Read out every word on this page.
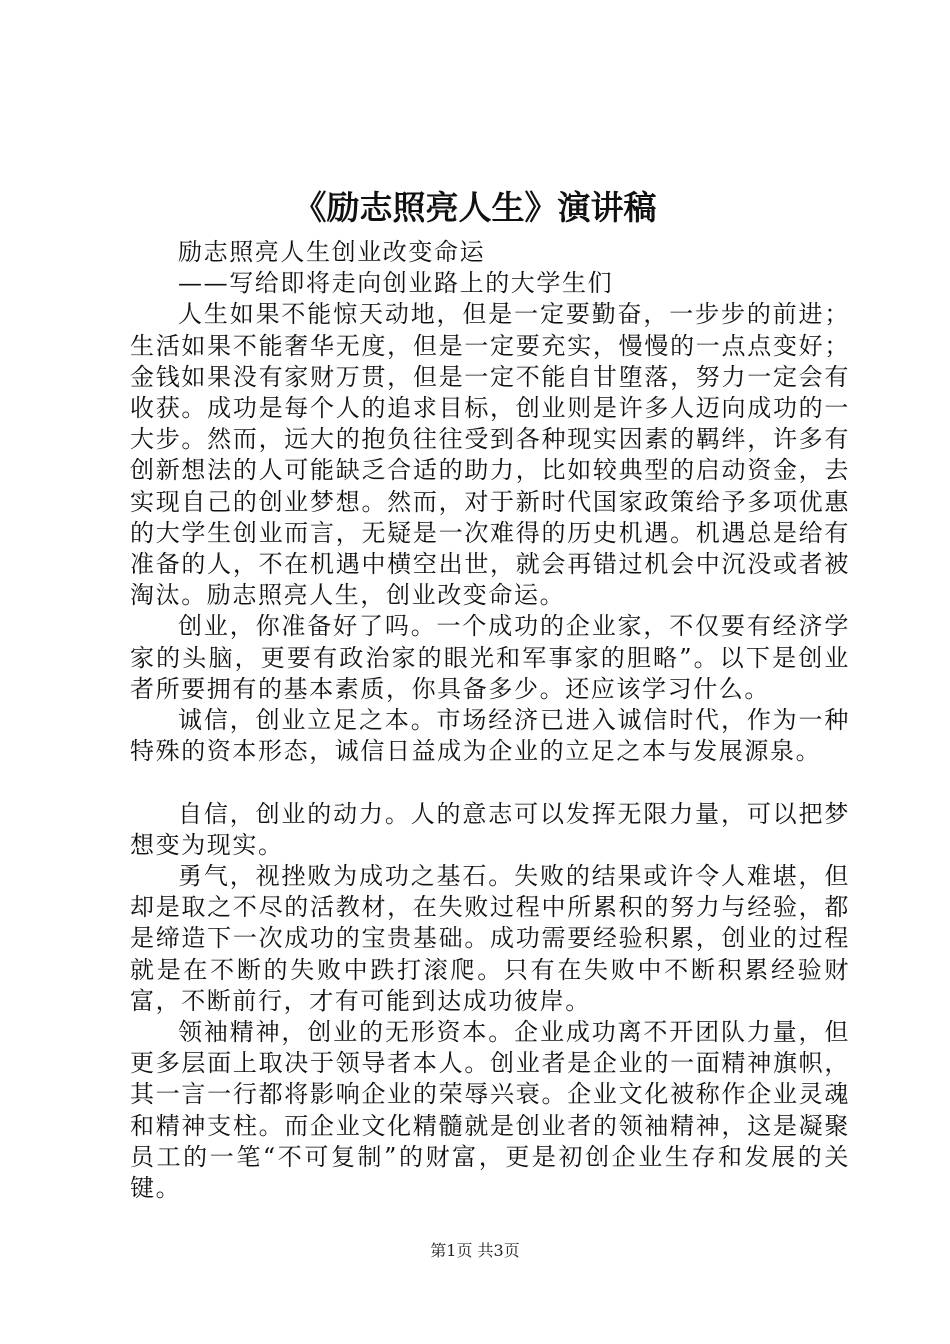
《励志照亮人生》演讲稿

励志照亮人生创业改变命运

——写给即将走向创业路上的大学生们

人生如果不能惊天动地，但是一定要勤奋，一步步的前进；生活如果不能奢华无度，但是一定要充实，慢慢的一点点变好；金钱如果没有家财万贯，但是一定不能自甘堕落，努力一定会有收获。成功是每个人的追求目标，创业则是许多人迈向成功的一大步。然而，远大的抱负往往受到各种现实因素的羁绊，许多有创新想法的人可能缺乏合适的助力，比如较典型的启动资金，去实现自己的创业梦想。然而，对于新时代国家政策给予多项优惠的大学生创业而言，无疑是一次难得的历史机遇。机遇总是给有准备的人，不在机遇中横空出世，就会再错过机会中沉没或者被淘汰。励志照亮人生，创业改变命运。

创业，你准备好了吗。一个成功的企业家，不仅要有经济学家的头脑，更要有政治家的眼光和军事家的胆略”。以下是创业者所要拥有的基本素质，你具备多少。还应该学习什么。

诚信，创业立足之本。市场经济已进入诚信时代，作为一种特殊的资本形态，诚信日益成为企业的立足之本与发展源泉。

自信，创业的动力。人的意志可以发挥无限力量，可以把梦想变为现实。

勇气，视挫败为成功之基石。失败的结果或许令人难堪，但却是取之不尽的活教材，在失败过程中所累积的努力与经验，都是缔造下一次成功的宝贵基础。成功需要经验积累，创业的过程就是在不断的失败中跌打滚爬。只有在失败中不断积累经验财富，不断前行，才有可能到达成功彼岸。

领袖精神，创业的无形资本。企业成功离不开团队力量，但更多层面上取决于领导者本人。创业者是企业的一面精神旗帜，其一言一行都将影响企业的荣辱兴衰。企业文化被称作企业灵魂和精神支柱。而企业文化精髓就是创业者的领袖精神，这是凝聚员工的一笔“不可复制”的财富，更是初创企业生存和发展的关键。

第1页 共3页
